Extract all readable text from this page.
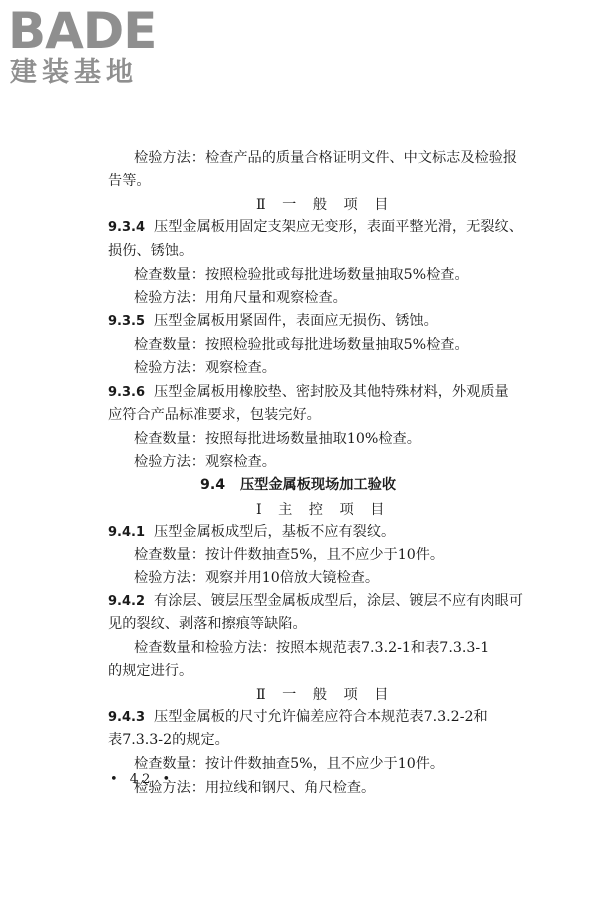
BADE
建装基地
检验方法：检查产品的质量合格证明文件、中文标志及检验报
告等。
Ⅱ 一 般 项 目
9.3.4 压型金属板用固定支架应无变形，表面平整光滑，无裂纹、
损伤、锈蚀。
检查数量：按照检验批或每批进场数量抽取5%检查。
检验方法：用角尺量和观察检查。
9.3.5 压型金属板用紧固件，表面应无损伤、锈蚀。
检查数量：按照检验批或每批进场数量抽取5%检查。
检验方法：观察检查。
9.3.6 压型金属板用橡胶垫、密封胶及其他特殊材料，外观质量
应符合产品标准要求，包装完好。
检查数量：按照每批进场数量抽取10%检查。
检验方法：观察检查。
9.4 压型金属板现场加工验收
Ⅰ 主 控 项 目
9.4.1 压型金属板成型后，基板不应有裂纹。
检查数量：按计件数抽查5%，且不应少于10件。
检验方法：观察并用10倍放大镜检查。
9.4.2 有涂层、镀层压型金属板成型后，涂层、镀层不应有肉眼可
见的裂纹、剥落和擦痕等缺陷。
检查数量和检验方法：按照本规范表7.3.2-1和表7.3.3-1
的规定进行。
Ⅱ 一 般 项 目
9.4.3 压型金属板的尺寸允许偏差应符合本规范表7.3.2-2和
表7.3.3-2的规定。
检查数量：按计件数抽查5%，且不应少于10件。
检验方法：用拉线和钢尺、角尺检查。
• 42 •
